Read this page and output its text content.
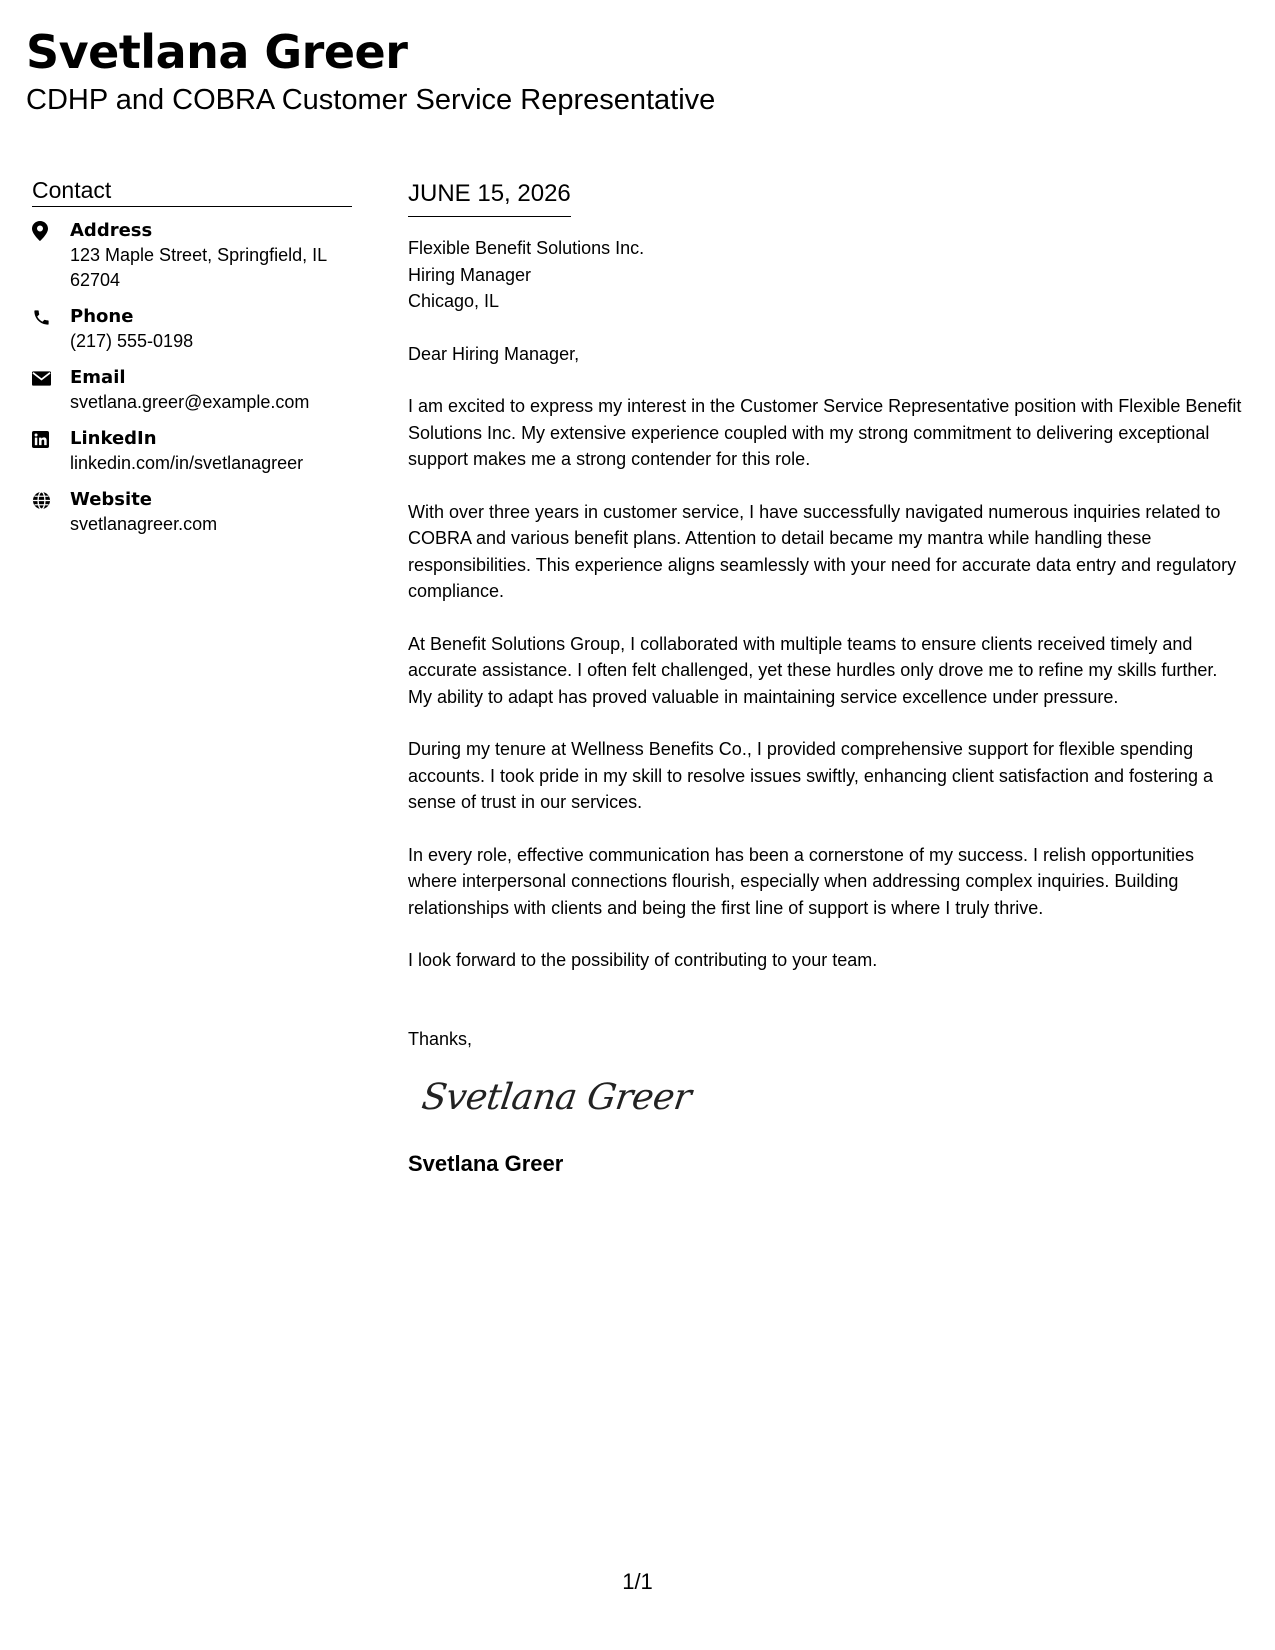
Svetlana Greer
CDHP and COBRA Customer Service Representative
Contact
Address
123 Maple Street, Springfield, IL 62704
Phone
(217) 555-0198
Email
svetlana.greer@example.com
LinkedIn
linkedin.com/in/svetlanagreer
Website
svetlanagreer.com
JUNE 15, 2026
Flexible Benefit Solutions Inc.
Hiring Manager
Chicago, IL
Dear Hiring Manager,

I am excited to express my interest in the Customer Service Representative position with Flexible Benefit Solutions Inc. My extensive experience coupled with my strong commitment to delivering exceptional support makes me a strong contender for this role.

With over three years in customer service, I have successfully navigated numerous inquiries related to COBRA and various benefit plans. Attention to detail became my mantra while handling these responsibilities. This experience aligns seamlessly with your need for accurate data entry and regulatory compliance.

At Benefit Solutions Group, I collaborated with multiple teams to ensure clients received timely and accurate assistance. I often felt challenged, yet these hurdles only drove me to refine my skills further. My ability to adapt has proved valuable in maintaining service excellence under pressure.

During my tenure at Wellness Benefits Co., I provided comprehensive support for flexible spending accounts. I took pride in my skill to resolve issues swiftly, enhancing client satisfaction and fostering a sense of trust in our services.

In every role, effective communication has been a cornerstone of my success. I relish opportunities where interpersonal connections flourish, especially when addressing complex inquiries. Building relationships with clients and being the first line of support is where I truly thrive.

I look forward to the possibility of contributing to your team.

Thanks,
Svetlana Greer
Svetlana Greer
1/1
